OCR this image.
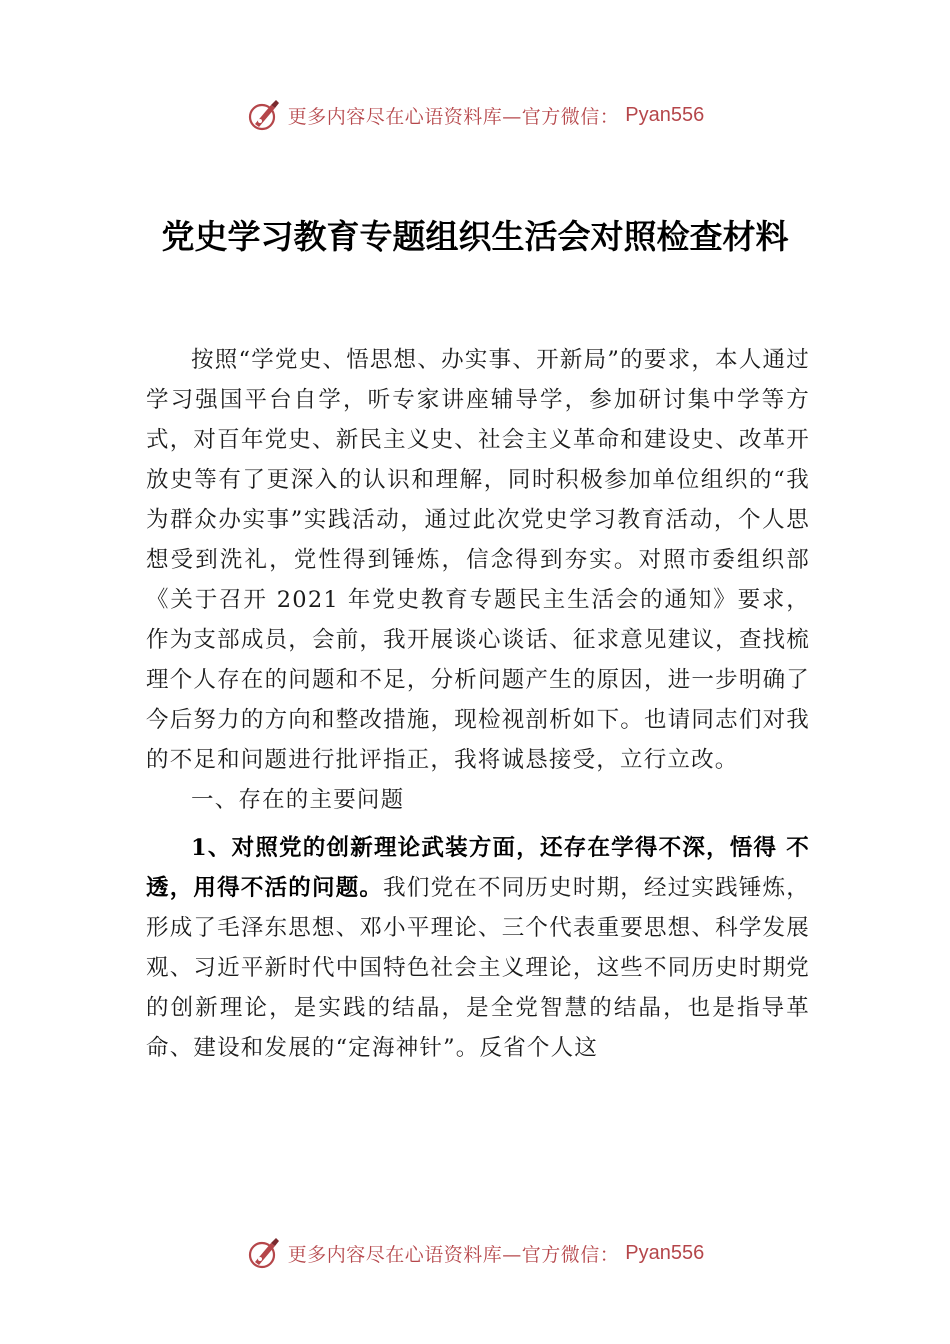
更多内容尽在心语资料库—官方微信： Pyan556
党史学习教育专题组织生活会对照检查材料

按照“学党史、悟思想、办实事、开新局”的要求，本人通过学习强国平台自学，听专家讲座辅导学，参加研讨集中学等方式，对百年党史、新民主义史、社会主义革命和建设史、改革开放史等有了更深入的认识和理解，同时积极参加单位组织的“我为群众办实事”实践活动，通过此次党史学习教育活动，个人思想受到洗礼，党性得到锤炼，信念得到夯实。对照市委组织部《关于召开 2021 年党史教育专题民主生活会的通知》要求，作为支部成员，会前，我开展谈心谈话、征求意见建议，查找梳理个人存在的问题和不足，分析问题产生的原因，进一步明确了今后努力的方向和整改措施，现检视剖析如下。也请同志们对我的不足和问题进行批评指正，我将诚恳接受，立行立改。

一、存在的主要问题

1、对照党的创新理论武装方面，还存在学得不深，悟得 不透，用得不活的问题。我们党在不同历史时期，经过实践锤炼，形成了毛泽东思想、邓小平理论、三个代表重要思想、科学发展观、习近平新时代中国特色社会主义理论，这些不同历史时期党的创新理论，是实践的结晶，是全党智慧的结晶，也是指导革命、建设和发展的“定海神针”。反省个人这

更多内容尽在心语资料库—官方微信： Pyan556
